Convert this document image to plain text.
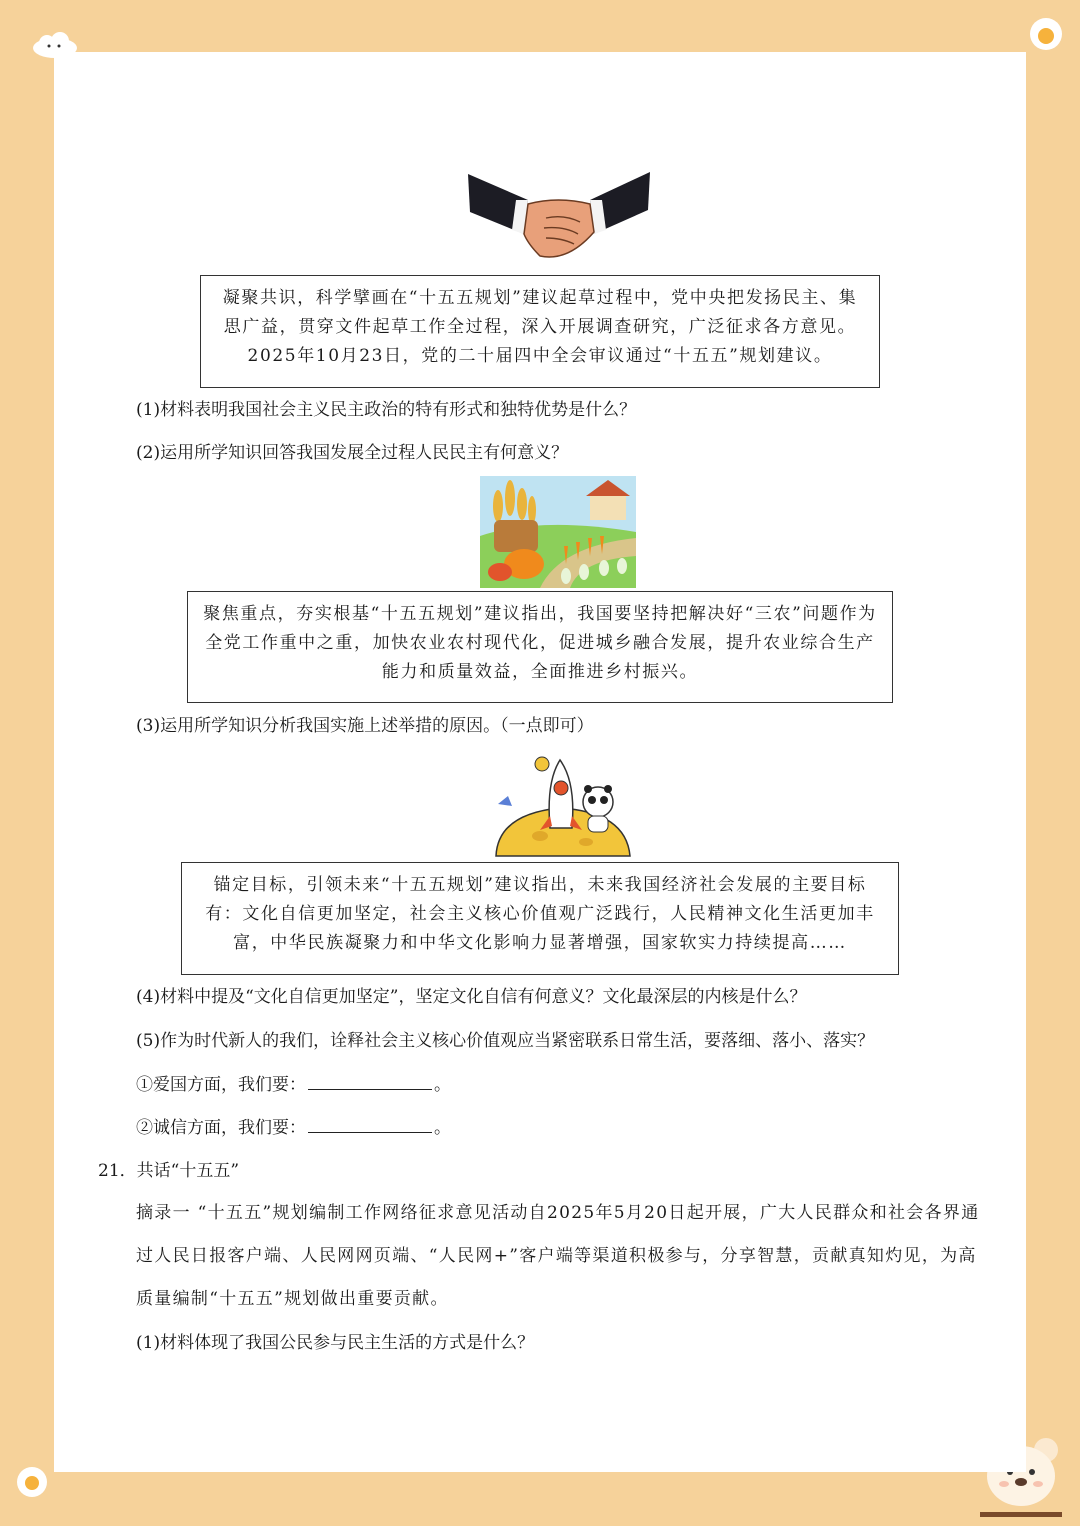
凝聚共识，科学擘画在“十五五规划”建议起草过程中，党中央把发扬民主、集思广益，贯穿文件起草工作全过程，深入开展调查研究，广泛征求各方意见。2025年10月23日，党的二十届四中全会审议通过“十五五”规划建议。
(1)材料表明我国社会主义民主政治的特有形式和独特优势是什么？
(2)运用所学知识回答我国发展全过程人民民主有何意义？
聚焦重点，夯实根基“十五五规划”建议指出，我国要坚持把解决好“三农”问题作为全党工作重中之重，加快农业农村现代化，促进城乡融合发展，提升农业综合生产能力和质量效益，全面推进乡村振兴。
(3)运用所学知识分析我国实施上述举措的原因。（一点即可）
锚定目标，引领未来“十五五规划”建议指出，未来我国经济社会发展的主要目标有：文化自信更加坚定，社会主义核心价值观广泛践行，人民精神文化生活更加丰富，中华民族凝聚力和中华文化影响力显著增强，国家软实力持续提高……
(4)材料中提及“文化自信更加坚定”，坚定文化自信有何意义？文化最深层的内核是什么？
(5)作为时代新人的我们，诠释社会主义核心价值观应当紧密联系日常生活，要落细、落小、落实？
①爱国方面，我们要：	。
②诚信方面，我们要：	。
21．共话“十五五”
摘录一 “十五五”规划编制工作网络征求意见活动自2025年5月20日起开展，广大人民群众和社会各界通过人民日报客户端、人民网网页端、“人民网+”客户端等渠道积极参与，分享智慧，贡献真知灼见，为高质量编制“十五五”规划做出重要贡献。
(1)材料体现了我国公民参与民主生活的方式是什么？
